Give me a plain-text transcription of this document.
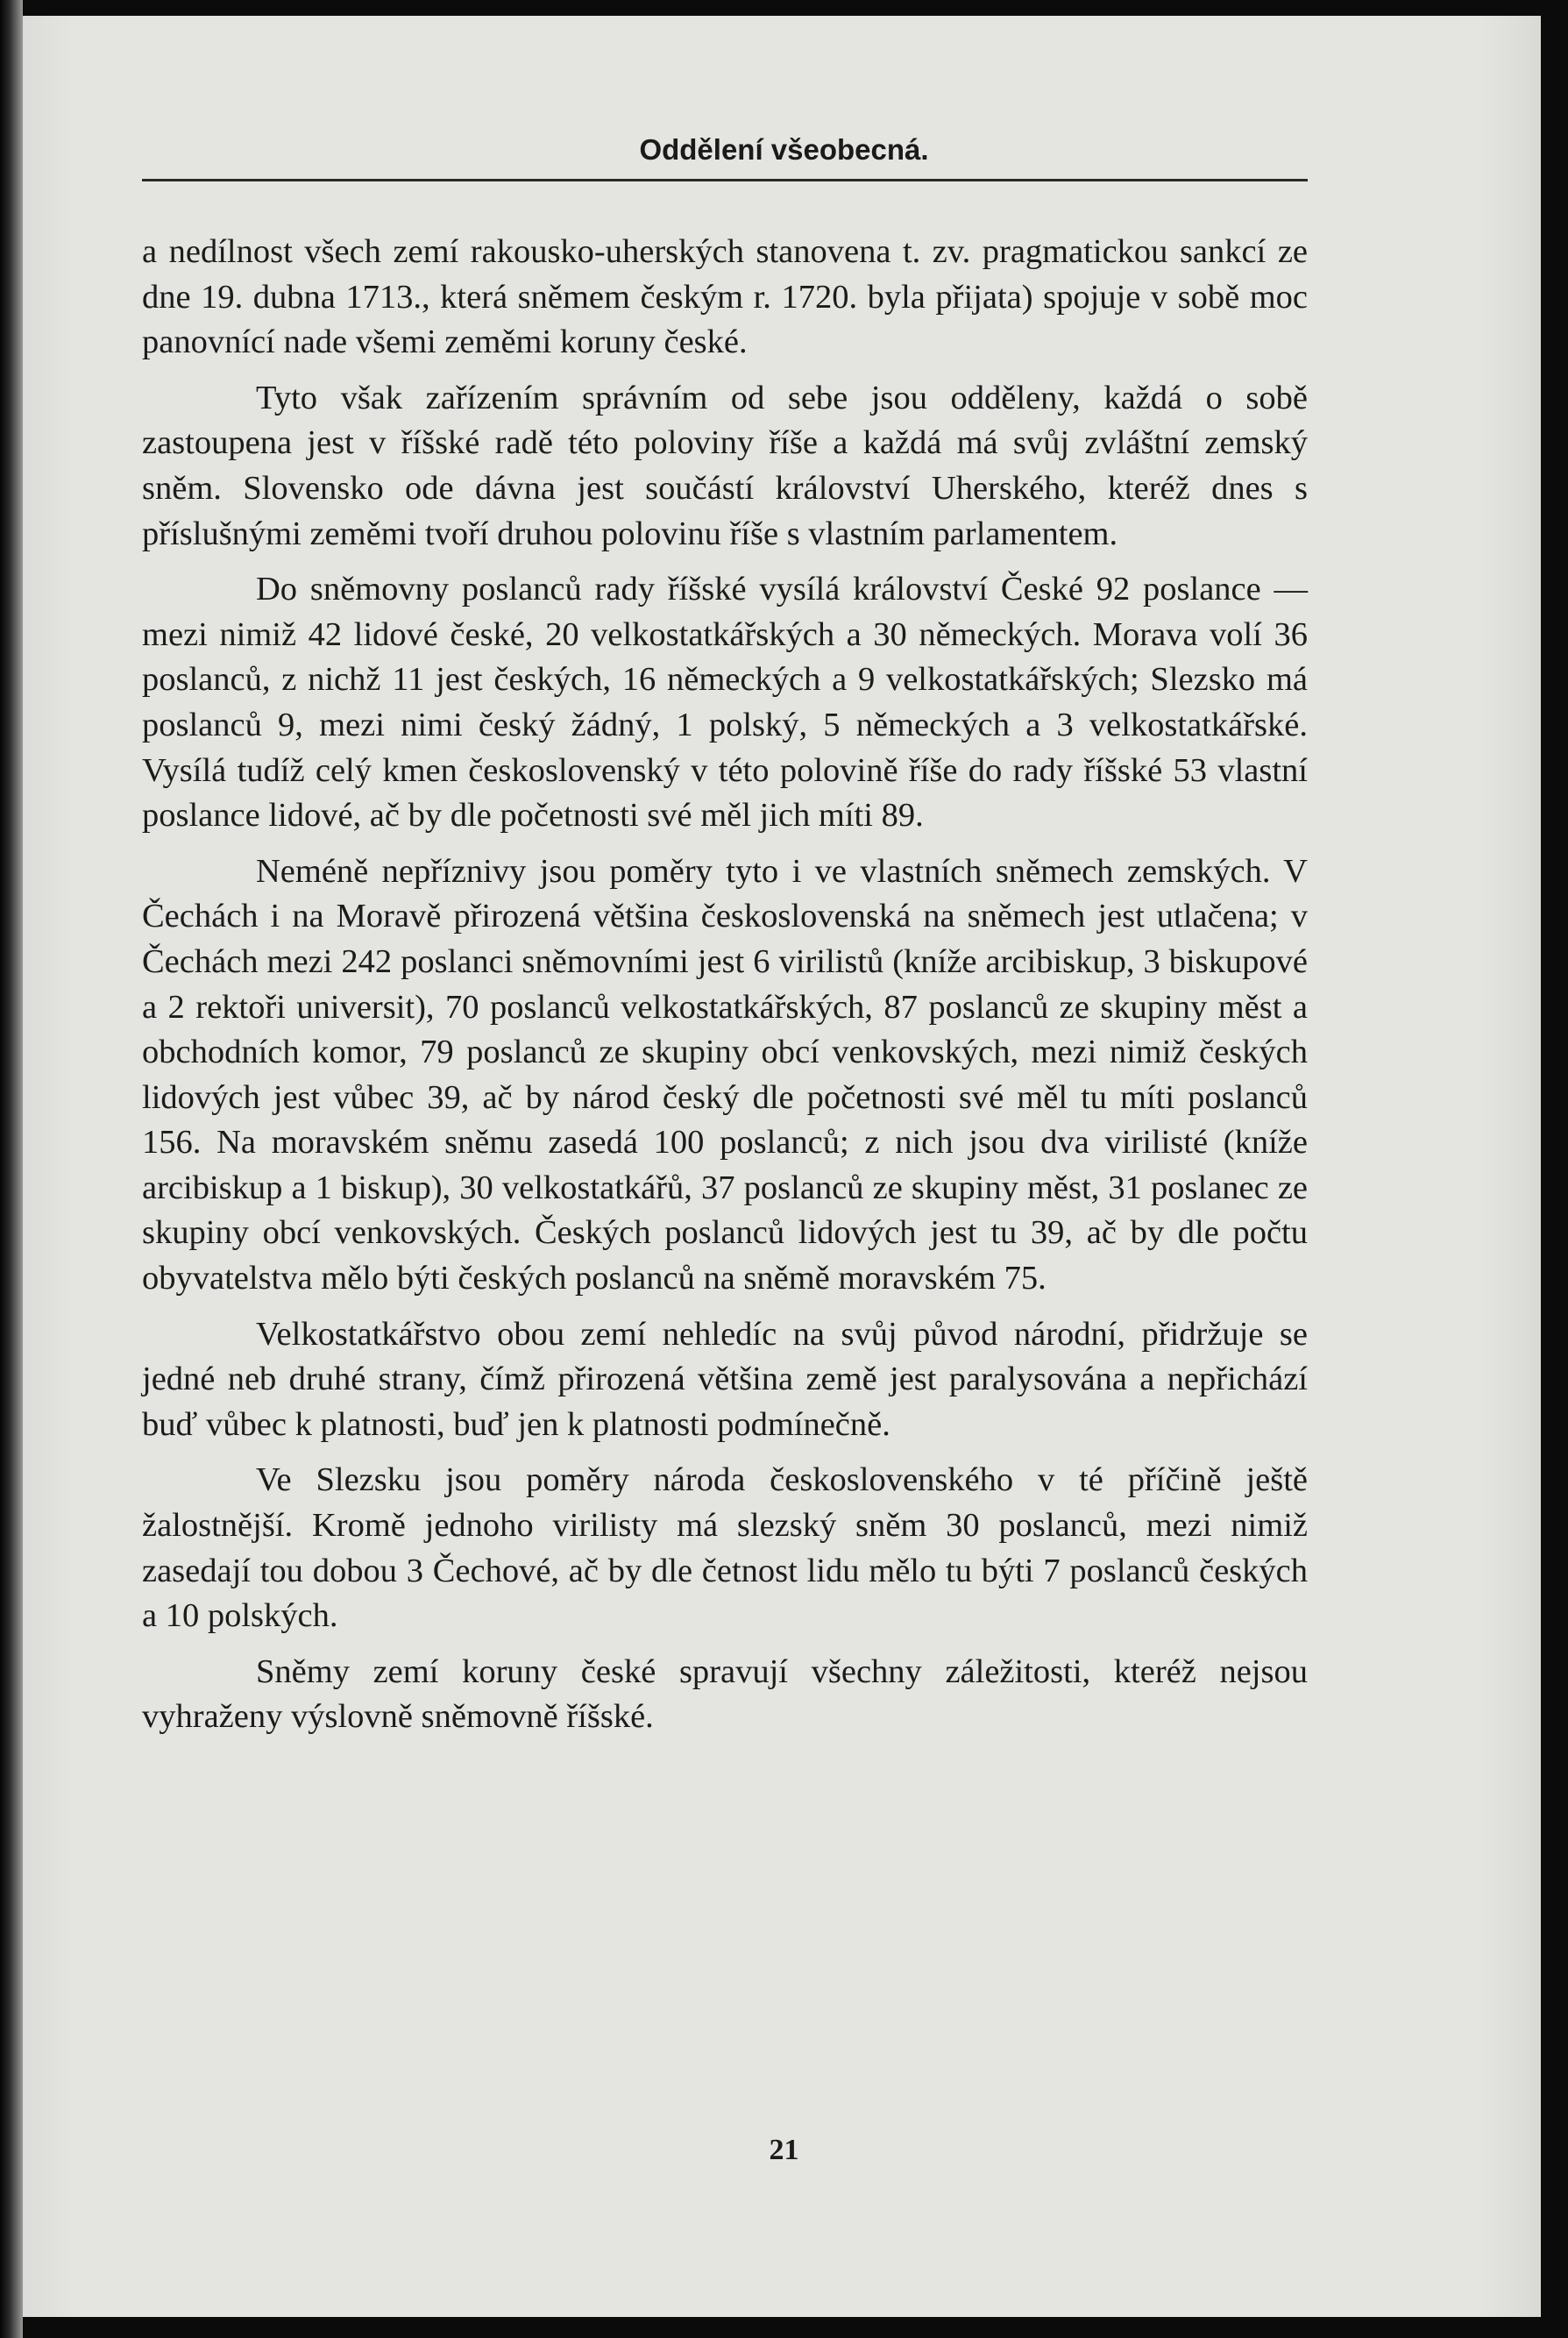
Oddělení všeobecná.

a nedílnost všech zemí rakousko-uherských stanovena t. zv. pragmatickou sankcí ze dne 19. dubna 1713., která sněmem českým r. 1720. byla přijata) spojuje v sobě moc panovnící nade všemi zeměmi koruny české.

Tyto však zařízením správním od sebe jsou odděleny, každá o sobě zastoupena jest v říšské radě této poloviny říše a každá má svůj zvláštní zemský sněm. Slovensko ode dávna jest součástí království Uherského, kteréž dnes s příslušnými zeměmi tvoří druhou polovinu říše s vlastním parlamentem.

Do sněmovny poslanců rady říšské vysílá království České 92 poslance — mezi nimiž 42 lidové české, 20 velkostatkářských a 30 německých. Morava volí 36 poslanců, z nichž 11 jest českých, 16 německých a 9 velkostatkářských; Slezsko má poslanců 9, mezi nimi český žádný, 1 polský, 5 německých a 3 velkostatkářské. Vysílá tudíž celý kmen československý v této polovině říše do rady říšské 53 vlastní poslance lidové, ač by dle početnosti své měl jich míti 89.

Neméně nepříznivy jsou poměry tyto i ve vlastních sněmech zemských. V Čechách i na Moravě přirozená většina československá na sněmech jest utlačena; v Čechách mezi 242 poslanci sněmovními jest 6 virilistů (kníže arcibiskup, 3 biskupové a 2 rektoři universit), 70 poslanců velkostatkářských, 87 poslanců ze skupiny měst a obchodních komor, 79 poslanců ze skupiny obcí venkovských, mezi nimiž českých lidových jest vůbec 39, ač by národ český dle početnosti své měl tu míti poslanců 156. Na moravském sněmu zasedá 100 poslanců; z nich jsou dva virilisté (kníže arcibiskup a 1 biskup), 30 velkostatkářů, 37 poslanců ze skupiny měst, 31 poslanec ze skupiny obcí venkovských. Českých poslanců lidových jest tu 39, ač by dle počtu obyvatelstva mělo býti českých poslanců na sněmě moravském 75.

Velkostatkářstvo obou zemí nehledíc na svůj původ národní, přidržuje se jedné neb druhé strany, čímž přirozená většina země jest paralysována a nepřichází buď vůbec k platnosti, buď jen k platnosti podmínečně.

Ve Slezsku jsou poměry národa československého v té příčině ještě žalostnější. Kromě jednoho virilisty má slezský sněm 30 poslanců, mezi nimiž zasedají tou dobou 3 Čechové, ač by dle četnost lidu mělo tu býti 7 poslanců českých a 10 polských.

Sněmy zemí koruny české spravují všechny záležitosti, kteréž nejsou vyhraženy výslovně sněmovně říšské.

21
